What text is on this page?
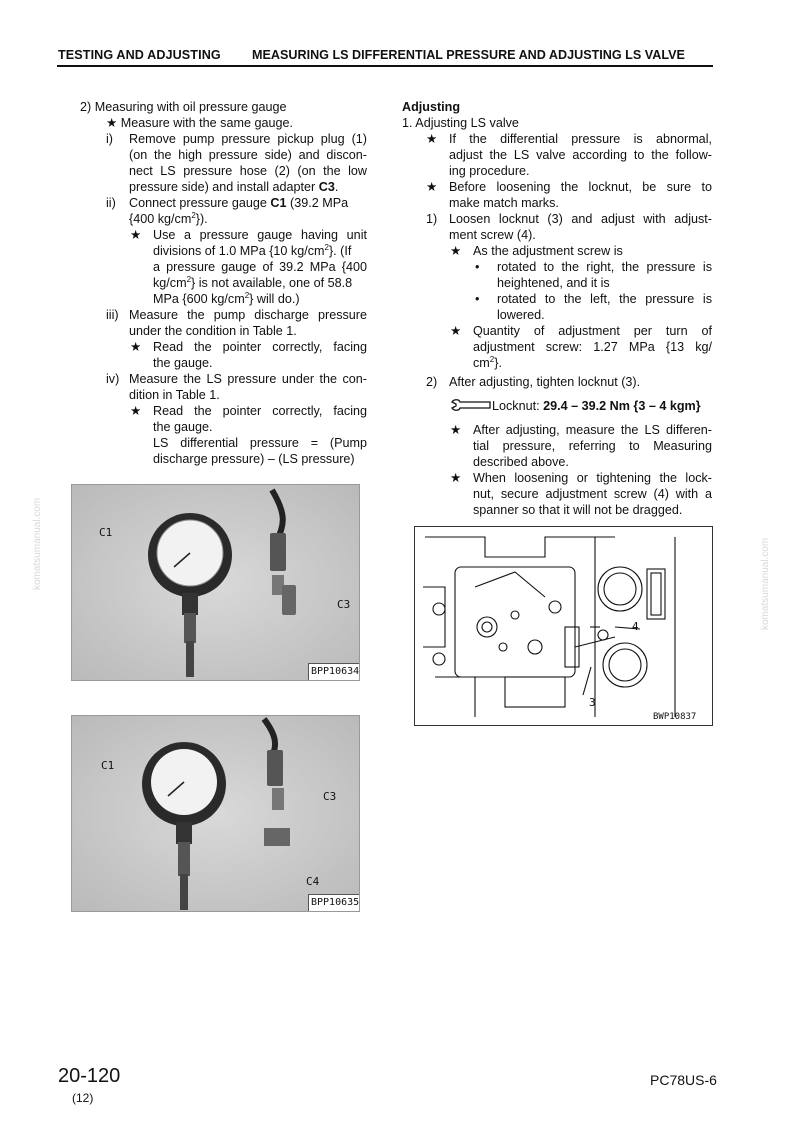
TESTING AND ADJUSTING MEASURING LS DIFFERENTIAL PRESSURE AND ADJUSTING LS VALVE
komatsumanual.com	komatsumanual.com
2) Measuring with oil pressure gauge
★ Measure with the same gauge.
i) Remove pump pressure pickup plug (1)
(on the high pressure side) and discon-
nect LS pressure hose (2) (on the low
pressure side) and install adapter C3.
ii) Connect pressure gauge C1 (39.2 MPa
{400 $kg/cm^2$}).
★ Use a pressure gauge having unit
divisions of 1.0 MPa {10 $kg/cm^2$}. (If
a pressure gauge of 39.2 MPa {400
$kg/cm^2$} is not available, one of 58.8
MPa {600 $kg/cm^2$} will do.)
iii) Measure the pump discharge pressure
under the condition in Table 1.
★ Read the pointer correctly, facing
the gauge.
iv) Measure the LS pressure under the con-
dition in Table 1.
★ Read the pointer correctly, facing
the gauge.
LS differential pressure = (Pump
discharge pressure) – (LS pressure)
C1
C3
BPP10634
C1
C3
C4
BPP10635
Adjusting
1. Adjusting LS valve
★ If the differential pressure is abnormal,
adjust the LS valve according to the follow-
ing procedure.
★ Before loosening the locknut, be sure to
make match marks.
1) Loosen locknut (3) and adjust with adjust-
ment screw (4).
★ As the adjustment screw is
• rotated to the right, the pressure is
heightened, and it is
• rotated to the left, the pressure is
lowered.
★ Quantity of adjustment per turn of
adjustment screw: 1.27 MPa {13 kg/
$cm^2$}.
2) After adjusting, tighten locknut (3).
Locknut: 29.4 – 39.2 Nm {3 – 4 kgm}
★ After adjusting, measure the LS differen-
tial pressure, referring to Measuring
described above.
★ When loosening or tightening the lock-
nut, secure adjustment screw (4) with a
spanner so that it will not be dragged.
3
4
BWP10837
20-120
(12)
PC78US-6
